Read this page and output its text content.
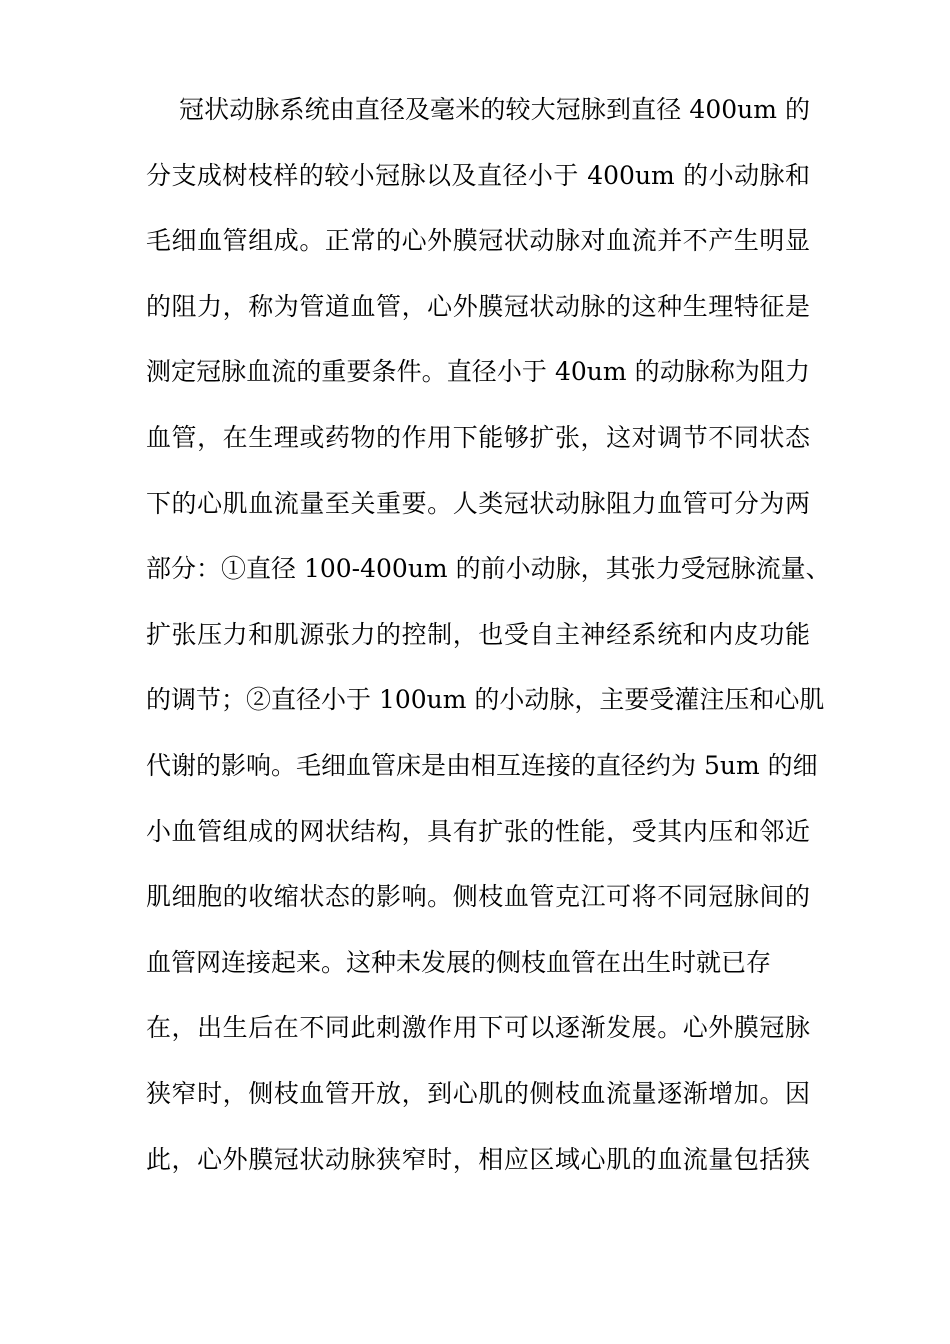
冠状动脉系统由直径及毫米的较大冠脉到直径 400um 的
分支成树枝样的较小冠脉以及直径小于 400um 的小动脉和
毛细血管组成。正常的心外膜冠状动脉对血流并不产生明显
的阻力，称为管道血管，心外膜冠状动脉的这种生理特征是
测定冠脉血流的重要条件。直径小于 40um 的动脉称为阻力
血管，在生理或药物的作用下能够扩张，这对调节不同状态
下的心肌血流量至关重要。人类冠状动脉阻力血管可分为两
部分：①直径 100-400um 的前小动脉，其张力受冠脉流量、
扩张压力和肌源张力的控制，也受自主神经系统和内皮功能
的调节；②直径小于 100um 的小动脉，主要受灌注压和心肌
代谢的影响。毛细血管床是由相互连接的直径约为 5um 的细
小血管组成的网状结构，具有扩张的性能，受其内压和邻近
肌细胞的收缩状态的影响。侧枝血管克江可将不同冠脉间的
血管网连接起来。这种未发展的侧枝血管在出生时就已存
在，出生后在不同此刺激作用下可以逐渐发展。心外膜冠脉
狭窄时，侧枝血管开放，到心肌的侧枝血流量逐渐增加。因
此，心外膜冠状动脉狭窄时，相应区域心肌的血流量包括狭
